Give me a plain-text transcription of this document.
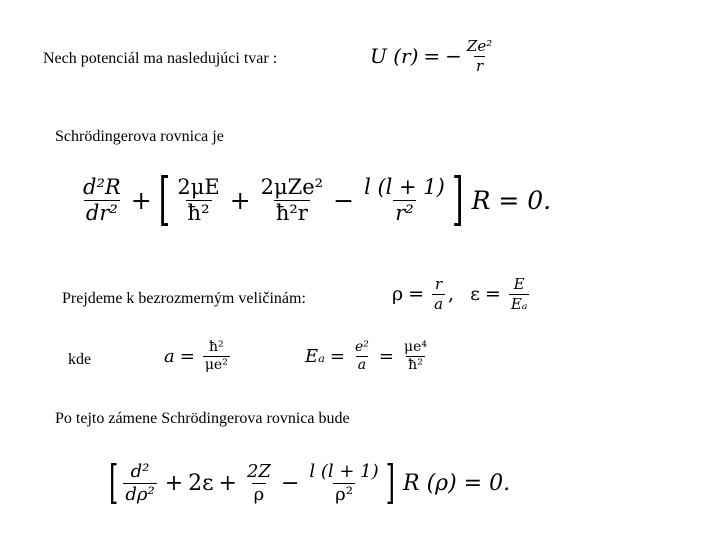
Nech potenciál ma nasledujúci tvar :	U (r) = − $\frac{\text{Ze²}}{r}$
Schrödingerova rovnica je
$\frac{\text{d²R}}{\text{dr²}}$ + [ $\frac{2\mu E}{\text{ħ²}} + \frac{\text{2μZe²}}{\text{ħ²r}} - \frac{l (l + 1)}{\text{r²}}$ ] R = 0.
Prejdeme k bezrozmerným veličinám:	$\rho = \frac{r}{a}$ , $\varepsilon = \frac{E}{\text{Eₐ}}$
kde	$a = \frac{\text{ħ²}}{\text{μe²}}$	$E_a = \frac{\text{e²}}{a} = \frac{\text{μe⁴}}{\text{ħ²}}$
Po tejto zámene Schrödingerova rovnica bude
[ $\frac{\text{d²}}{\text{dρ²}} + 2\varepsilon + \frac{2Z}{\rho} - \frac{l (l + 1)}{\text{ρ²}}$ ] R (ρ) = 0.
